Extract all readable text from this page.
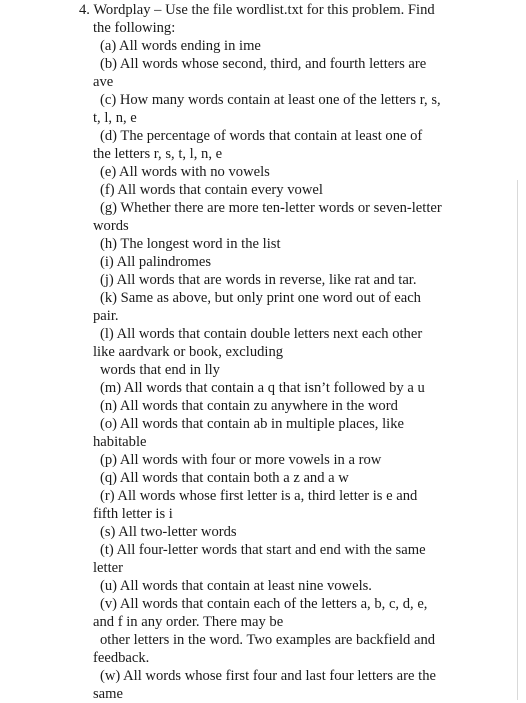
4. Wordplay – Use the file wordlist.txt for this problem. Find
the following:
(a) All words ending in ime
(b) All words whose second, third, and fourth letters are
ave
(c) How many words contain at least one of the letters r, s,
t, l, n, e
(d) The percentage of words that contain at least one of
the letters r, s, t, l, n, e
(e) All words with no vowels
(f) All words that contain every vowel
(g) Whether there are more ten-letter words or seven-letter
words
(h) The longest word in the list
(i) All palindromes
(j) All words that are words in reverse, like rat and tar.
(k) Same as above, but only print one word out of each
pair.
(l) All words that contain double letters next each other
like aardvark or book, excluding
words that end in lly
(m) All words that contain a q that isn’t followed by a u
(n) All words that contain zu anywhere in the word
(o) All words that contain ab in multiple places, like
habitable
(p) All words with four or more vowels in a row
(q) All words that contain both a z and a w
(r) All words whose first letter is a, third letter is e and
fifth letter is i
(s) All two-letter words
(t) All four-letter words that start and end with the same
letter
(u) All words that contain at least nine vowels.
(v) All words that contain each of the letters a, b, c, d, e,
and f in any order. There may be
other letters in the word. Two examples are backfield and
feedback.
(w) All words whose first four and last four letters are the
same
